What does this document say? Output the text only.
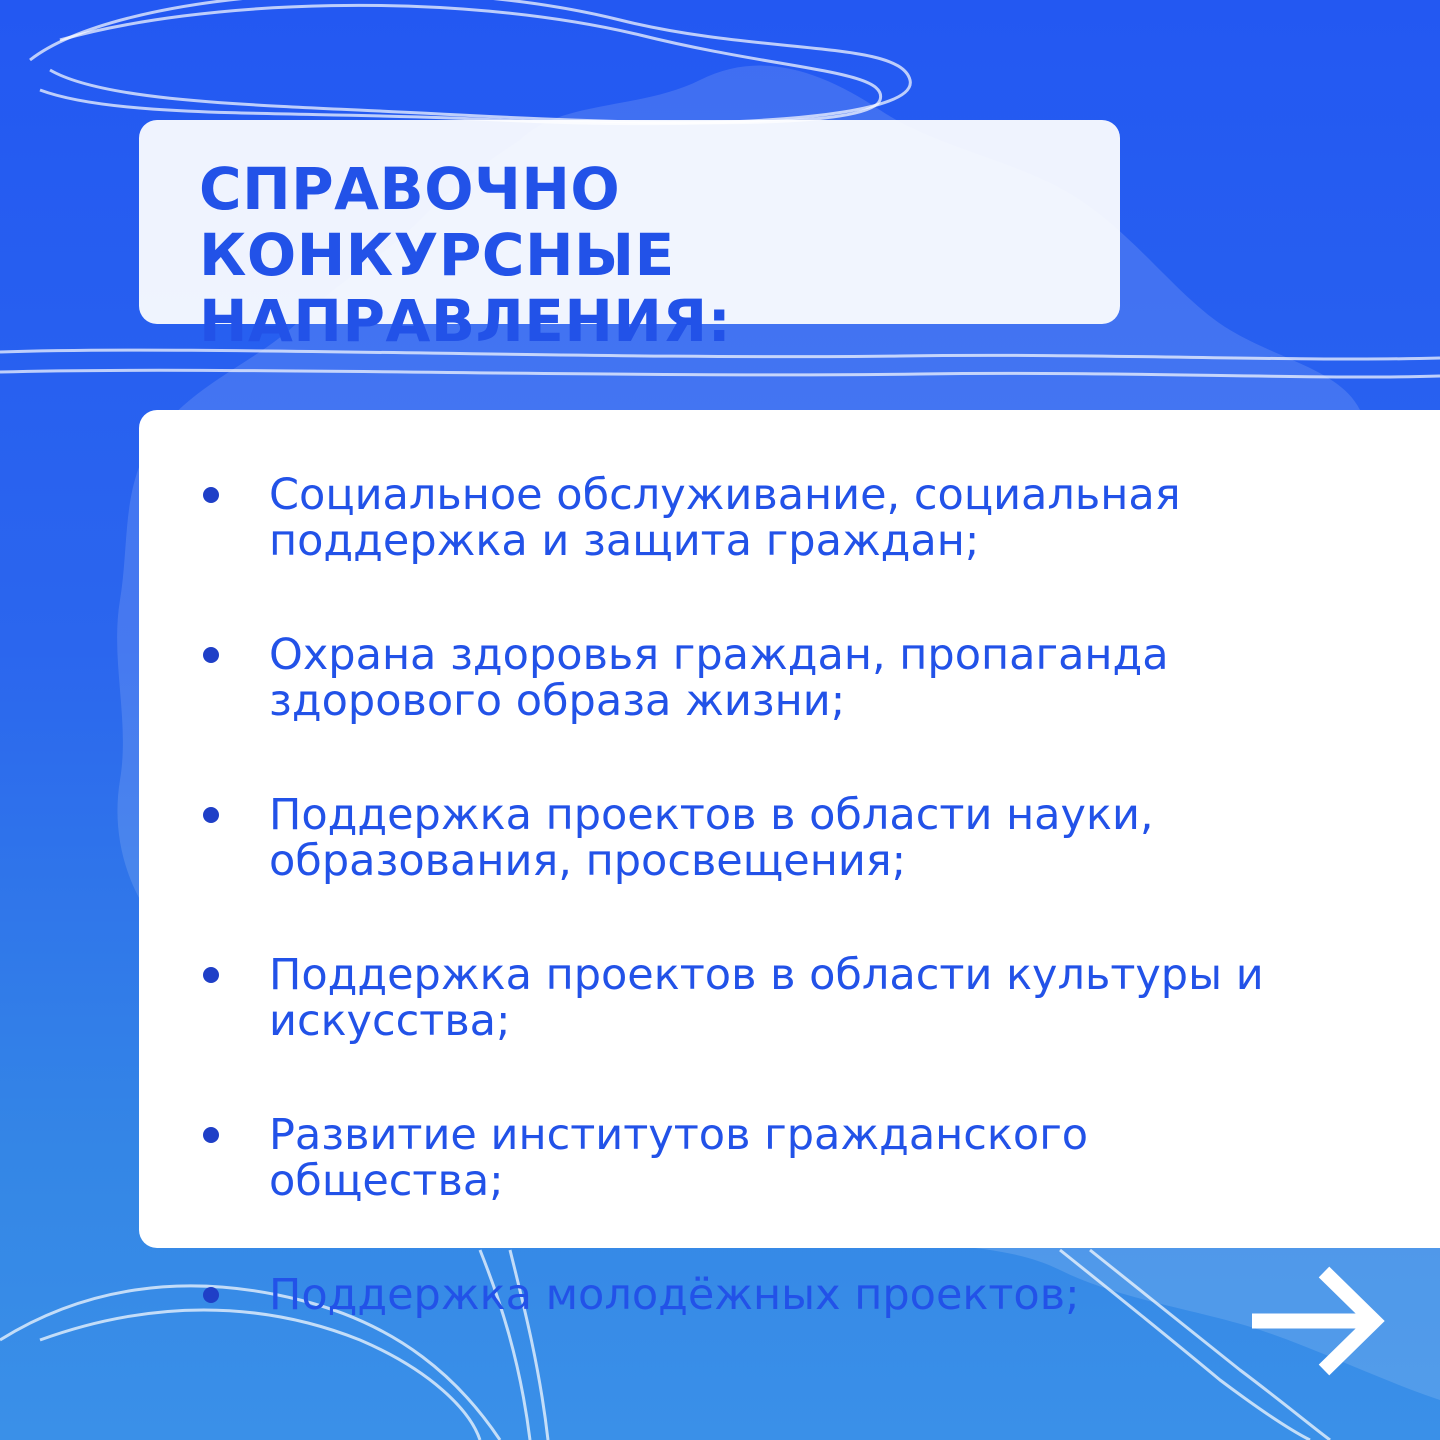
СПРАВОЧНО КОНКУРСНЫЕ
НАПРАВЛЕНИЯ:
Социальное обслуживание, социальная поддержка и защита граждан;
Охрана здоровья граждан, пропаганда здорового образа жизни;
Поддержка проектов в области науки, образования, просвещения;
Поддержка проектов в области культуры и искусства;
Развитие институтов гражданского общества;
Поддержка молодёжных проектов;
